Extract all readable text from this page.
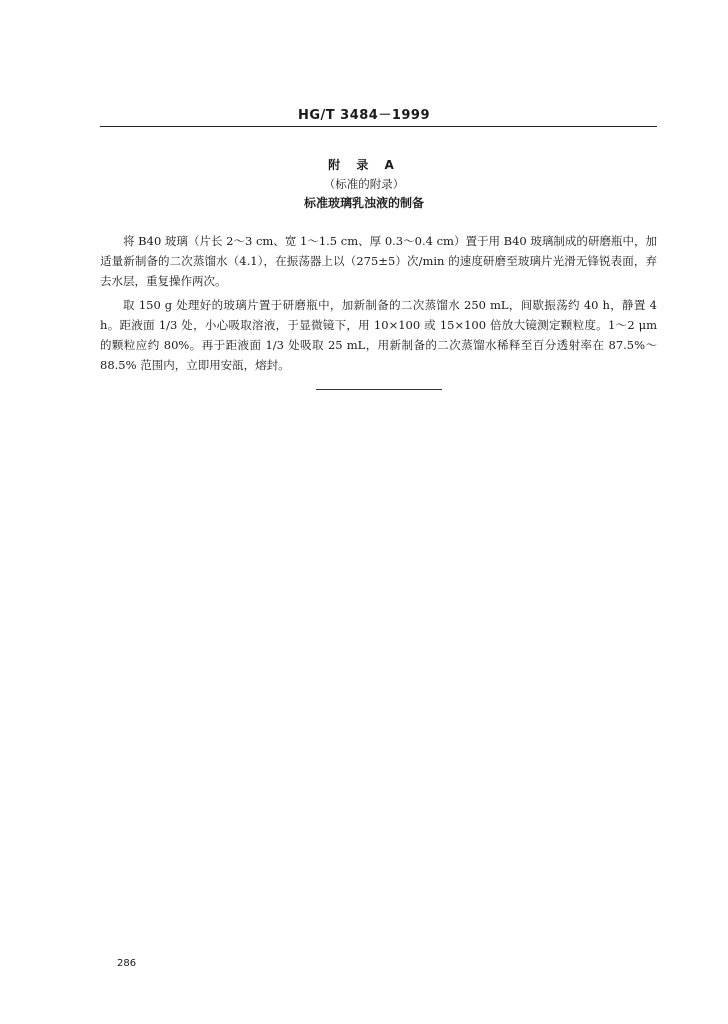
HG/T 3484－1999
附 录 A
（标准的附录）
标准玻璃乳浊液的制备

将 B40 玻璃（片长 2～3 cm、宽 1～1.5 cm、厚 0.3～0.4 cm）置于用 B40 玻璃制成的研磨瓶中，加适量新制备的二次蒸馏水（4.1），在振荡器上以（275±5）次/min 的速度研磨至玻璃片光滑无锋锐表面，弃去水层，重复操作两次。

取 150 g 处理好的玻璃片置于研磨瓶中，加新制备的二次蒸馏水 250 mL，间歇振荡约 40 h，静置 4 h。距液面 1/3 处，小心吸取溶液，于显微镜下，用 10×100 或 15×100 倍放大镜测定颗粒度。1～2 μm 的颗粒应约 80%。再于距液面 1/3 处吸取 25 mL，用新制备的二次蒸馏水稀释至百分透射率在 87.5%～88.5% 范围内，立即用安瓿，熔封。

286
